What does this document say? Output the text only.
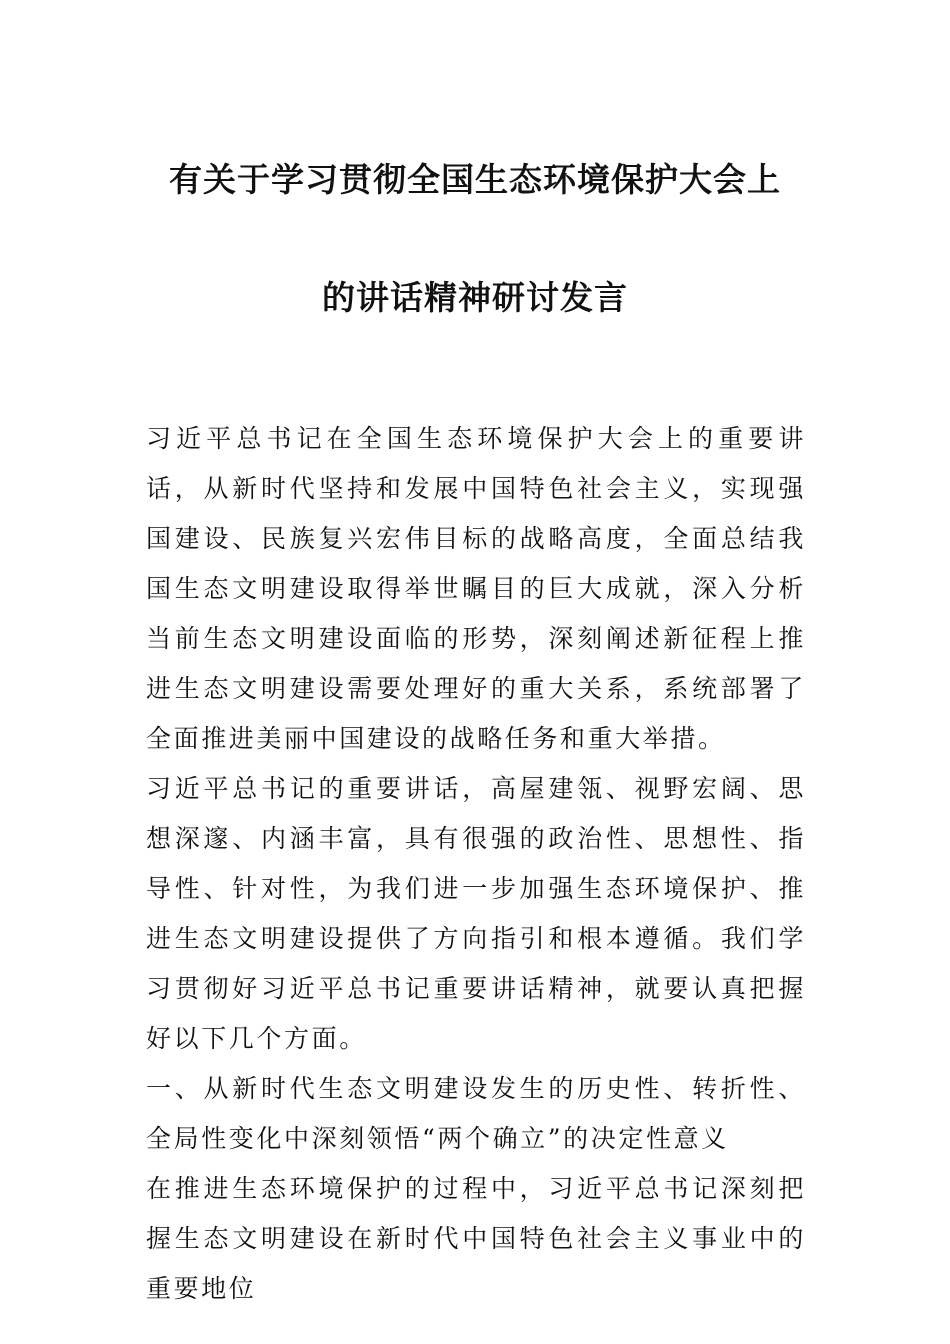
有关于学习贯彻全国生态环境保护大会上
的讲话精神研讨发言

习近平总书记在全国生态环境保护大会上的重要讲话，从新时代坚持和发展中国特色社会主义，实现强国建设、民族复兴宏伟目标的战略高度，全面总结我国生态文明建设取得举世瞩目的巨大成就，深入分析当前生态文明建设面临的形势，深刻阐述新征程上推进生态文明建设需要处理好的重大关系，系统部署了全面推进美丽中国建设的战略任务和重大举措。

习近平总书记的重要讲话，高屋建瓴、视野宏阔、思想深邃、内涵丰富，具有很强的政治性、思想性、指导性、针对性，为我们进一步加强生态环境保护、推进生态文明建设提供了方向指引和根本遵循。我们学习贯彻好习近平总书记重要讲话精神，就要认真把握好以下几个方面。

一、从新时代生态文明建设发生的历史性、转折性、全局性变化中深刻领悟“两个确立”的决定性意义

在推进生态环境保护的过程中，习近平总书记深刻把握生态文明建设在新时代中国特色社会主义事业中的重要地位
